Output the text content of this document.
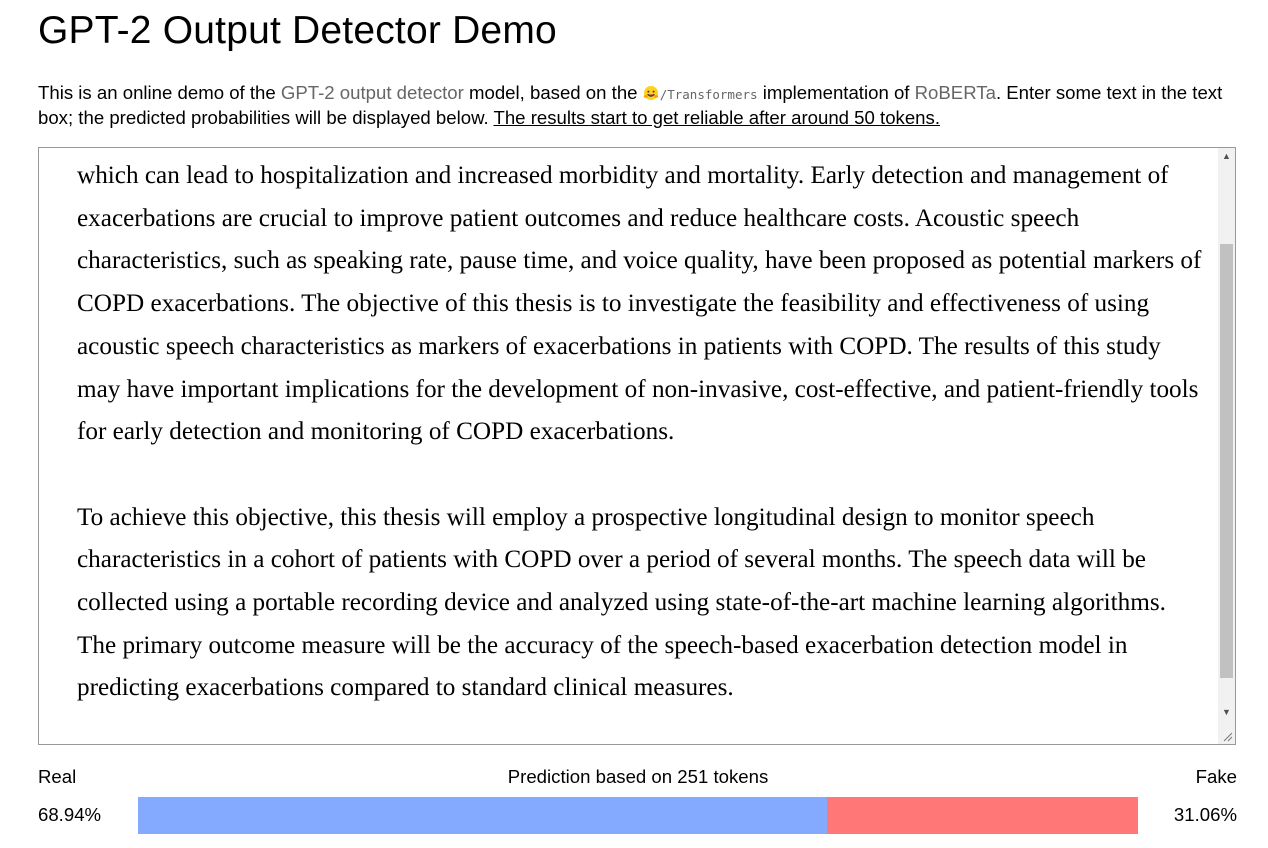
GPT-2 Output Detector Demo

This is an online demo of the GPT-2 output detector model, based on the /Transformers implementation of RoBERTa. Enter some text in the text box; the predicted probabilities will be displayed below. The results start to get reliable after around 50 tokens.

which can lead to hospitalization and increased morbidity and mortality. Early detection and management of exacerbations are crucial to improve patient outcomes and reduce healthcare costs. Acoustic speech characteristics, such as speaking rate, pause time, and voice quality, have been proposed as potential markers of COPD exacerbations. The objective of this thesis is to investigate the feasibility and effectiveness of using acoustic speech characteristics as markers of exacerbations in patients with COPD. The results of this study may have important implications for the development of non-invasive, cost-effective, and patient-friendly tools for early detection and monitoring of COPD exacerbations.

To achieve this objective, this thesis will employ a prospective longitudinal design to monitor speech characteristics in a cohort of patients with COPD over a period of several months. The speech data will be collected using a portable recording device and analyzed using state-of-the-art machine learning algorithms. The primary outcome measure will be the accuracy of the speech-based exacerbation detection model in predicting exacerbations compared to standard clinical measures.

▲
▼
Real	Prediction based on 251 tokens	Fake
68.94%	31.06%
